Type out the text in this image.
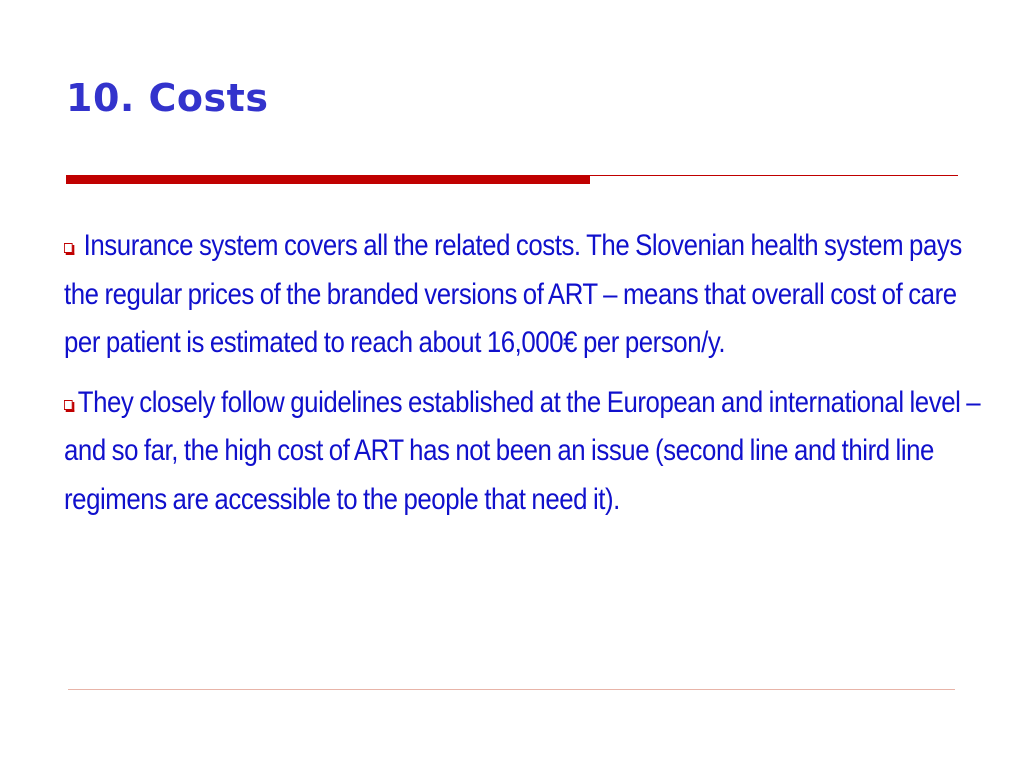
10. Costs

Insurance system covers all the related costs. The Slovenian health system pays the regular prices of the branded versions of ART – means that overall cost of care per patient is estimated to reach about 16,000€ per person/y.

They closely follow guidelines established at the European and international level – and so far, the high cost of ART has not been an issue (second line and third line regimens are accessible to the people that need it).
